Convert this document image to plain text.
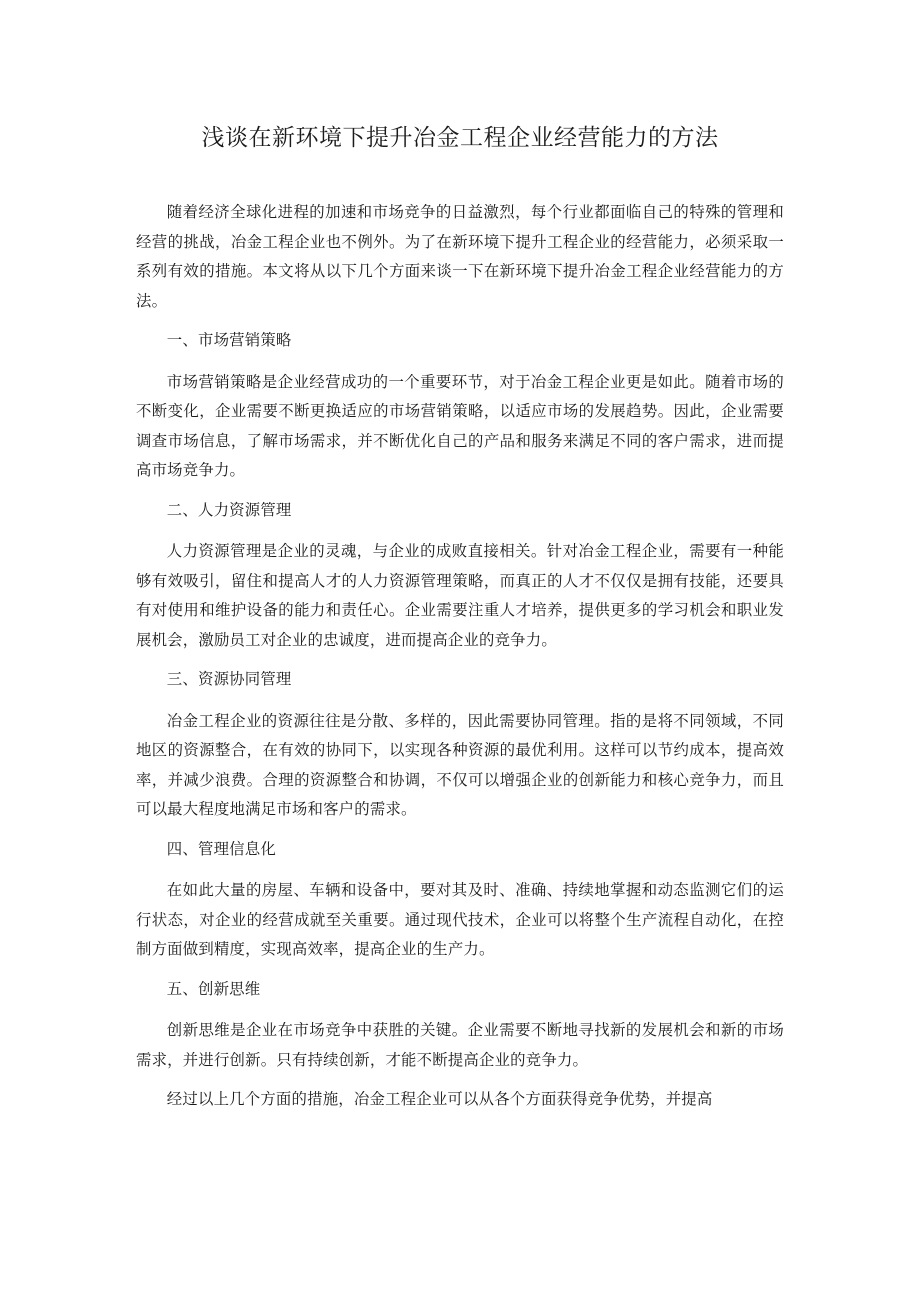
浅谈在新环境下提升冶金工程企业经营能力的方法

随着经济全球化进程的加速和市场竞争的日益激烈，每个行业都面临自己的特殊的管理和经营的挑战，冶金工程企业也不例外。为了在新环境下提升工程企业的经营能力，必须采取一系列有效的措施。本文将从以下几个方面来谈一下在新环境下提升冶金工程企业经营能力的方法。

一、市场营销策略

市场营销策略是企业经营成功的一个重要环节，对于冶金工程企业更是如此。随着市场的不断变化，企业需要不断更换适应的市场营销策略，以适应市场的发展趋势。因此，企业需要调查市场信息，了解市场需求，并不断优化自己的产品和服务来满足不同的客户需求，进而提高市场竞争力。

二、人力资源管理

人力资源管理是企业的灵魂，与企业的成败直接相关。针对冶金工程企业，需要有一种能够有效吸引，留住和提高人才的人力资源管理策略，而真正的人才不仅仅是拥有技能，还要具有对使用和维护设备的能力和责任心。企业需要注重人才培养，提供更多的学习机会和职业发展机会，激励员工对企业的忠诚度，进而提高企业的竞争力。

三、资源协同管理

冶金工程企业的资源往往是分散、多样的，因此需要协同管理。指的是将不同领域，不同地区的资源整合，在有效的协同下，以实现各种资源的最优利用。这样可以节约成本，提高效率，并减少浪费。合理的资源整合和协调，不仅可以增强企业的创新能力和核心竞争力，而且可以最大程度地满足市场和客户的需求。

四、管理信息化

在如此大量的房屋、车辆和设备中，要对其及时、准确、持续地掌握和动态监测它们的运行状态，对企业的经营成就至关重要。通过现代技术，企业可以将整个生产流程自动化，在控制方面做到精度，实现高效率，提高企业的生产力。

五、创新思维

创新思维是企业在市场竞争中获胜的关键。企业需要不断地寻找新的发展机会和新的市场需求，并进行创新。只有持续创新，才能不断提高企业的竞争力。

经过以上几个方面的措施，冶金工程企业可以从各个方面获得竞争优势，并提高
